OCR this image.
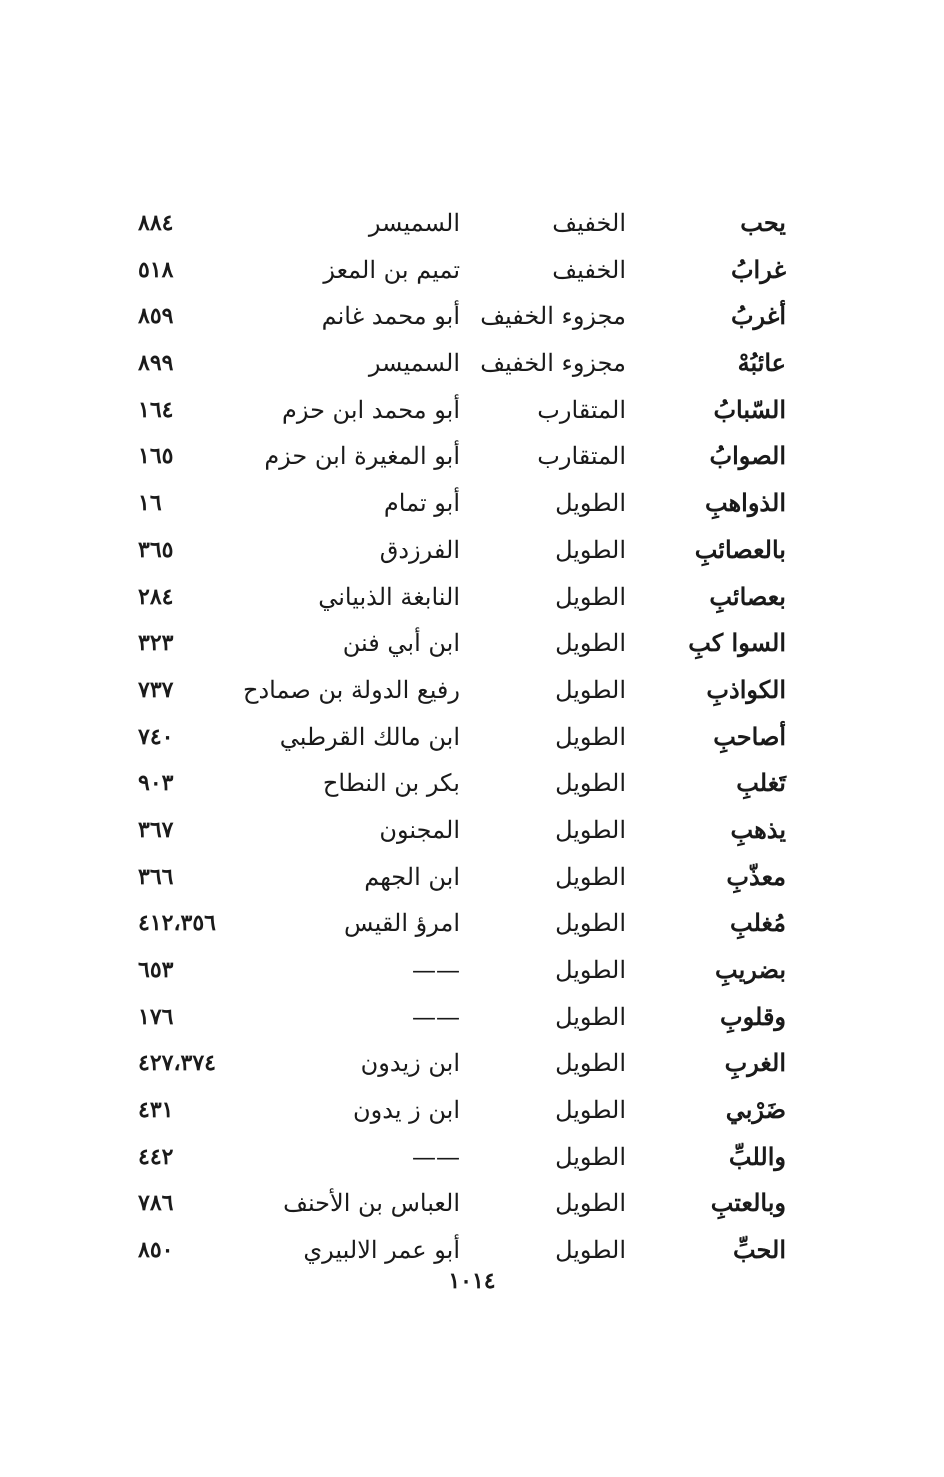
يحب
الخفيف
السميسر
٨٨٤
غرابُ
الخفيف
تميم بن المعز
٥١٨
أغربُ
مجزوء الخفيف
أبو محمد غانم
٨٥٩
عائبُهْ
مجزوء الخفيف
السميسر
٨٩٩
السّبابُ
المتقارب
أبو محمد ابن حزم
١٦٤
الصوابُ
المتقارب
أبو المغيرة ابن حزم
١٦٥
الذواهبِ
الطويل
أبو تمام
١٦
بالعصائبِ
الطويل
الفرزدق
٣٦٥
بعصائبِ
الطويل
النابغة الذبياني
٢٨٤
السوا كبِ
الطويل
ابن أبي فنن
٣٢٣
الكواذبِ
الطويل
رفيع الدولة بن صمادح
٧٣٧
أصاحبِ
الطويل
ابن مالك القرطبي
٧٤٠
تَغلبِ
الطويل
بكر بن النطاح
٩٠٣
يذهبِ
الطويل
المجنون
٣٦٧
معذّبِ
الطويل
ابن الجهم
٣٦٦
مُغلبِ
الطويل
امرؤ القيس
٤١٢،٣٥٦
بضريبِ
الطويل
——
٦٥٣
وقلوبِ
الطويل
——
١٧٦
الغربِ
الطويل
ابن زيدون
٤٢٧،٣٧٤
ضَرْبي
الطويل
ابن ز يدون
٤٣١
واللبِّ
الطويل
——
٤٤٢
وبالعتبِ
الطويل
العباس بن الأحنف
٧٨٦
الحبِّ
الطويل
أبو عمر الالبيري
٨٥٠
١٠١٤
